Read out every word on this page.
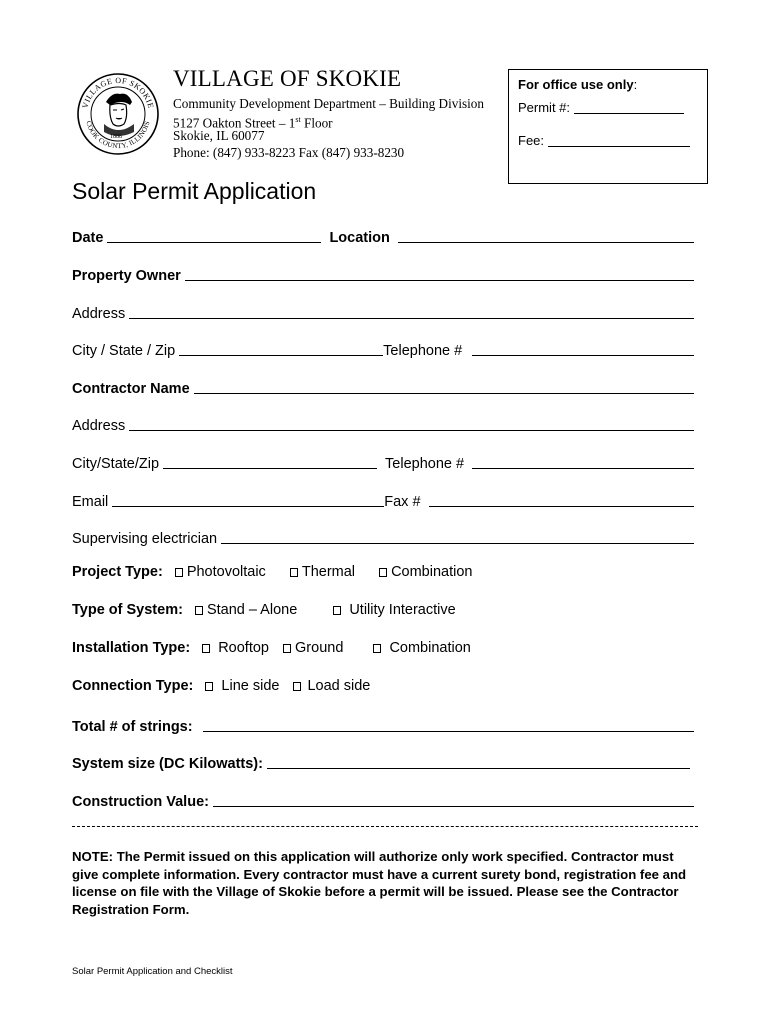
VILLAGE OF SKOKIE
COOK COUNTY, ILLINOIS
1888
VILLAGE OF SKOKIE
Community Development Department – Building Division
5127 Oakton Street – 1st Floor
Skokie, IL 60077
Phone: (847) 933-8223 Fax (847) 933-8230
For office use only:
Permit #:
Fee:
Solar Permit Application
Date	Location
Property Owner
Address
City / State / Zip	Telephone #
Contractor Name
Address
City/State/Zip	Telephone #
Email	Fax #
Supervising electrician
Project Type: Photovoltaic Thermal Combination
Type of System: Stand – Alone	Utility Interactive
Installation Type: Rooftop Ground	Combination
Connection Type: Line side Load side
Total # of strings:
System size (DC Kilowatts):
Construction Value:
NOTE: The Permit issued on this application will authorize only work specified. Contractor must give complete information. Every contractor must have a current surety bond, registration fee and license on file with the Village of Skokie before a permit will be issued. Please see the Contractor Registration Form.
Solar Permit Application and Checklist
